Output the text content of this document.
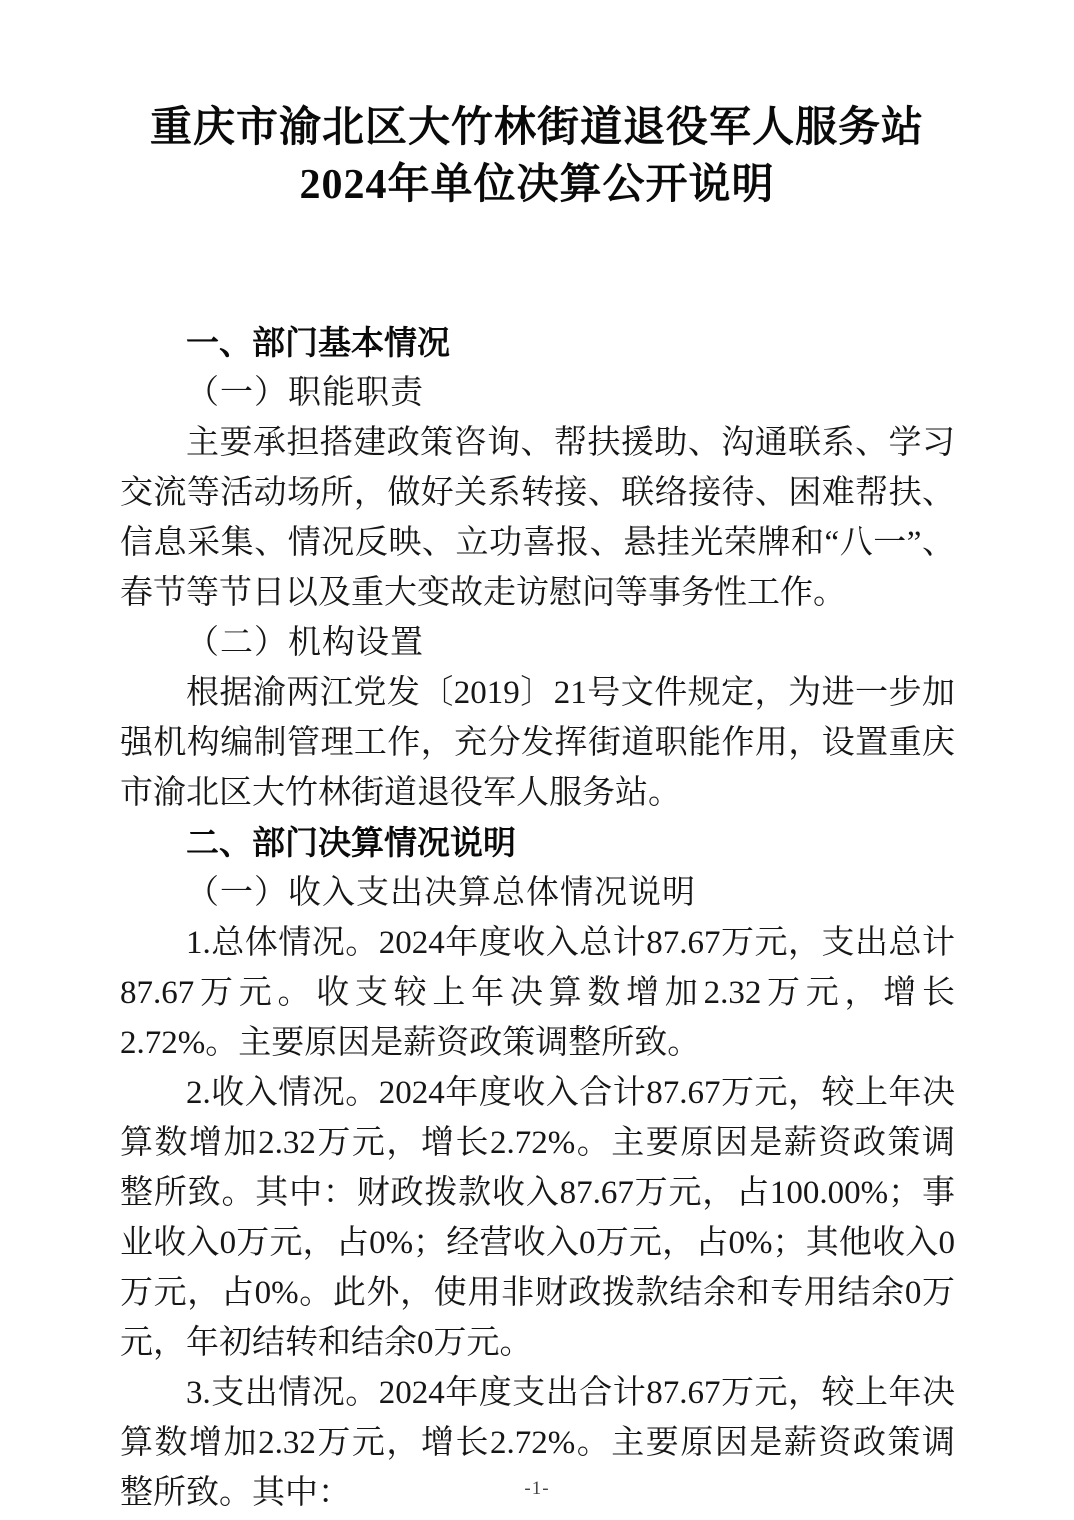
重庆市渝北区大竹林街道退役军人服务站
2024年单位决算公开说明
一、部门基本情况
（一）职能职责

主要承担搭建政策咨询、帮扶援助、沟通联系、学习交流等活动场所，做好关系转接、联络接待、困难帮扶、信息采集、情况反映、立功喜报、悬挂光荣牌和“八一”、春节等节日以及重大变故走访慰问等事务性工作。

（二）机构设置

根据渝两江党发〔2019〕21号文件规定，为进一步加强机构编制管理工作，充分发挥街道职能作用，设置重庆市渝北区大竹林街道退役军人服务站。

二、部门决算情况说明
（一）收入支出决算总体情况说明

1.总体情况。2024年度收入总计87.67万元，支出总计87.67万元。收支较上年决算数增加2.32万元，增长2.72%。主要原因是薪资政策调整所致。

2.收入情况。2024年度收入合计87.67万元，较上年决算数增加2.32万元，增长2.72%。主要原因是薪资政策调整所致。其中：财政拨款收入87.67万元，占100.00%；事业收入0万元，占0%；经营收入0万元，占0%；其他收入0万元，占0%。此外，使用非财政拨款结余和专用结余0万元，年初结转和结余0万元。

3.支出情况。2024年度支出合计87.67万元，较上年决算数增加2.32万元，增长2.72%。主要原因是薪资政策调整所致。其中：	-1-
